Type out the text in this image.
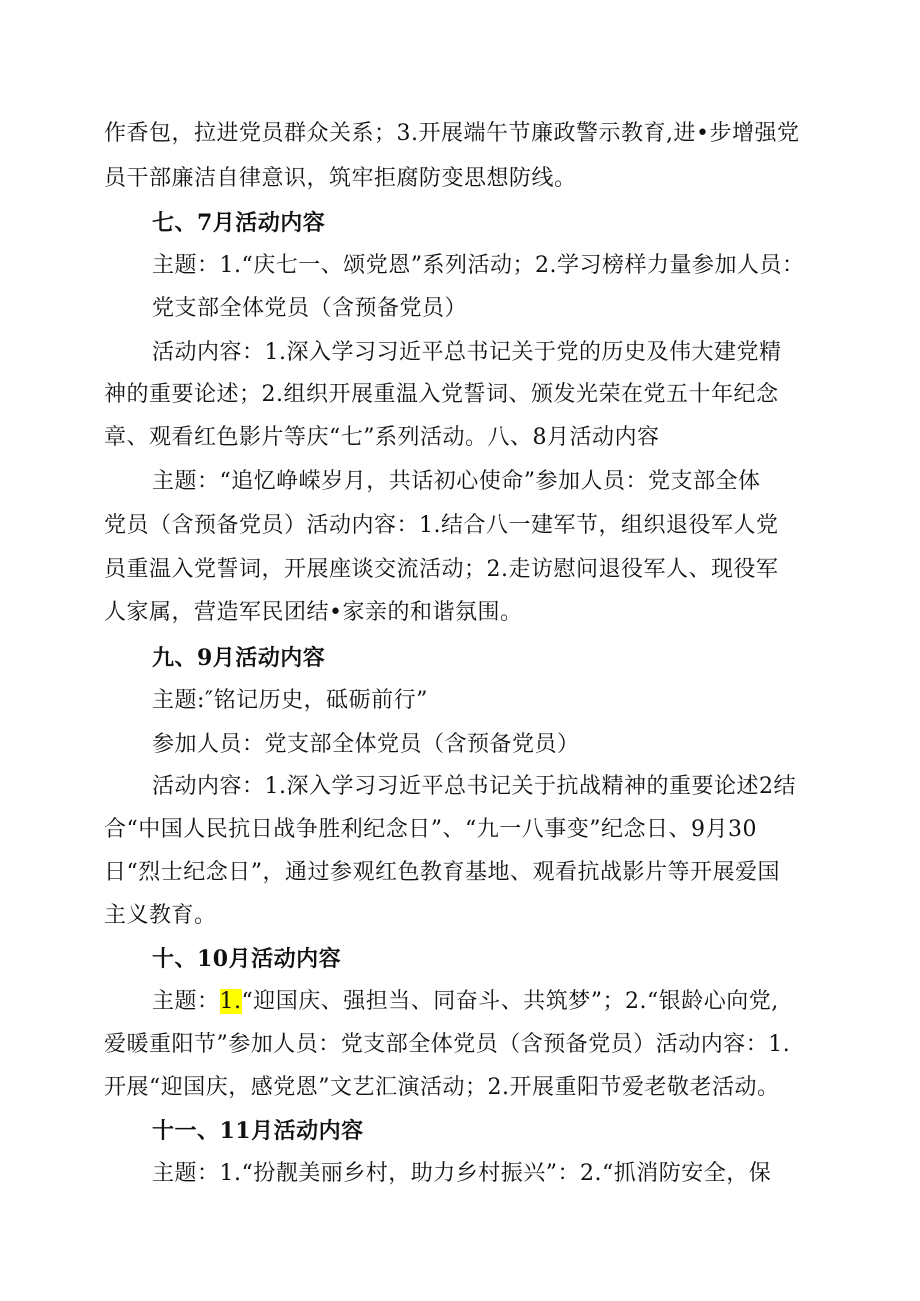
作香包，拉进党员群众关系；3.开展端午节廉政警示教育,进•步增强党
员干部廉洁自律意识，筑牢拒腐防变思想防线。
七、7月活动内容
主题：1.“庆七一、颂党恩”系列活动；2.学习榜样力量参加人员：
党支部全体党员（含预备党员）
活动内容：1.深入学习习近平总书记关于党的历史及伟大建党精
神的重要论述；2.组织开展重温入党誓词、颁发光荣在党五十年纪念
章、观看红色影片等庆“七”系列活动。八、8月活动内容
主题：“追忆峥嵘岁月，共话初心使命”参加人员：党支部全体
党员（含预备党员）活动内容：1.结合八一建军节，组织退役军人党
员重温入党誓词，开展座谈交流活动；2.走访慰问退役军人、现役军
人家属，营造军民团结•家亲的和谐氛围。
九、9月活动内容
主题:″铭记历史，砥砺前行”
参加人员：党支部全体党员（含预备党员）
活动内容：1.深入学习习近平总书记关于抗战精神的重要论述2结
合“中国人民抗日战争胜利纪念日”、“九一八事变”纪念日、9月30
日“烈士纪念日”，通过参观红色教育基地、观看抗战影片等开展爱国
主义教育。
十、10月活动内容
主题：1.“迎国庆、强担当、同奋斗、共筑梦”；2.“银龄心向党,
爱暖重阳节”参加人员：党支部全体党员（含预备党员）活动内容：1.
开展“迎国庆，感党恩”文艺汇演活动；2.开展重阳节爱老敬老活动。
十一、11月活动内容
主题：1.“扮靓美丽乡村，助力乡村振兴”：2.“抓消防安全，保
